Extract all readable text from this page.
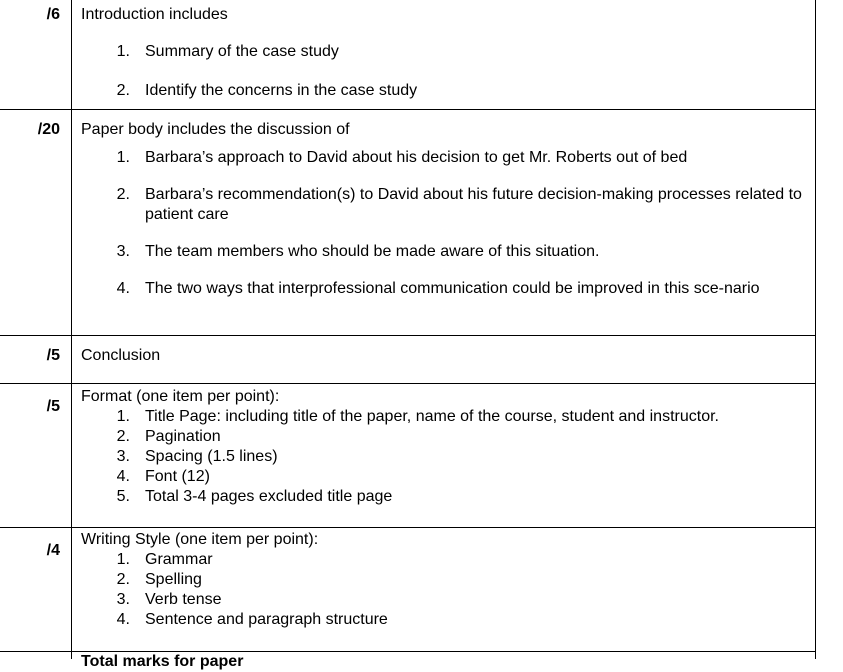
/6 Introduction includes
1. Summary of the case study
2. Identify the concerns in the case study
/20 Paper body includes the discussion of
1. Barbara’s approach to David about his decision to get Mr. Roberts out of bed
2. Barbara’s recommendation(s) to David about his future decision-making processes related to patient care
3. The team members who should be made aware of this situation.
4. The two ways that interprofessional communication could be improved in this sce-nario
/5 Conclusion
/5
Format (one item per point):
1. Title Page: including title of the paper, name of the course, student and instructor.
2. Pagination
3. Spacing (1.5 lines)
4. Font (12)
5. Total 3-4 pages excluded title page
/4
Writing Style (one item per point):
1. Grammar
2. Spelling
3. Verb tense
4. Sentence and paragraph structure
Total marks for paper
